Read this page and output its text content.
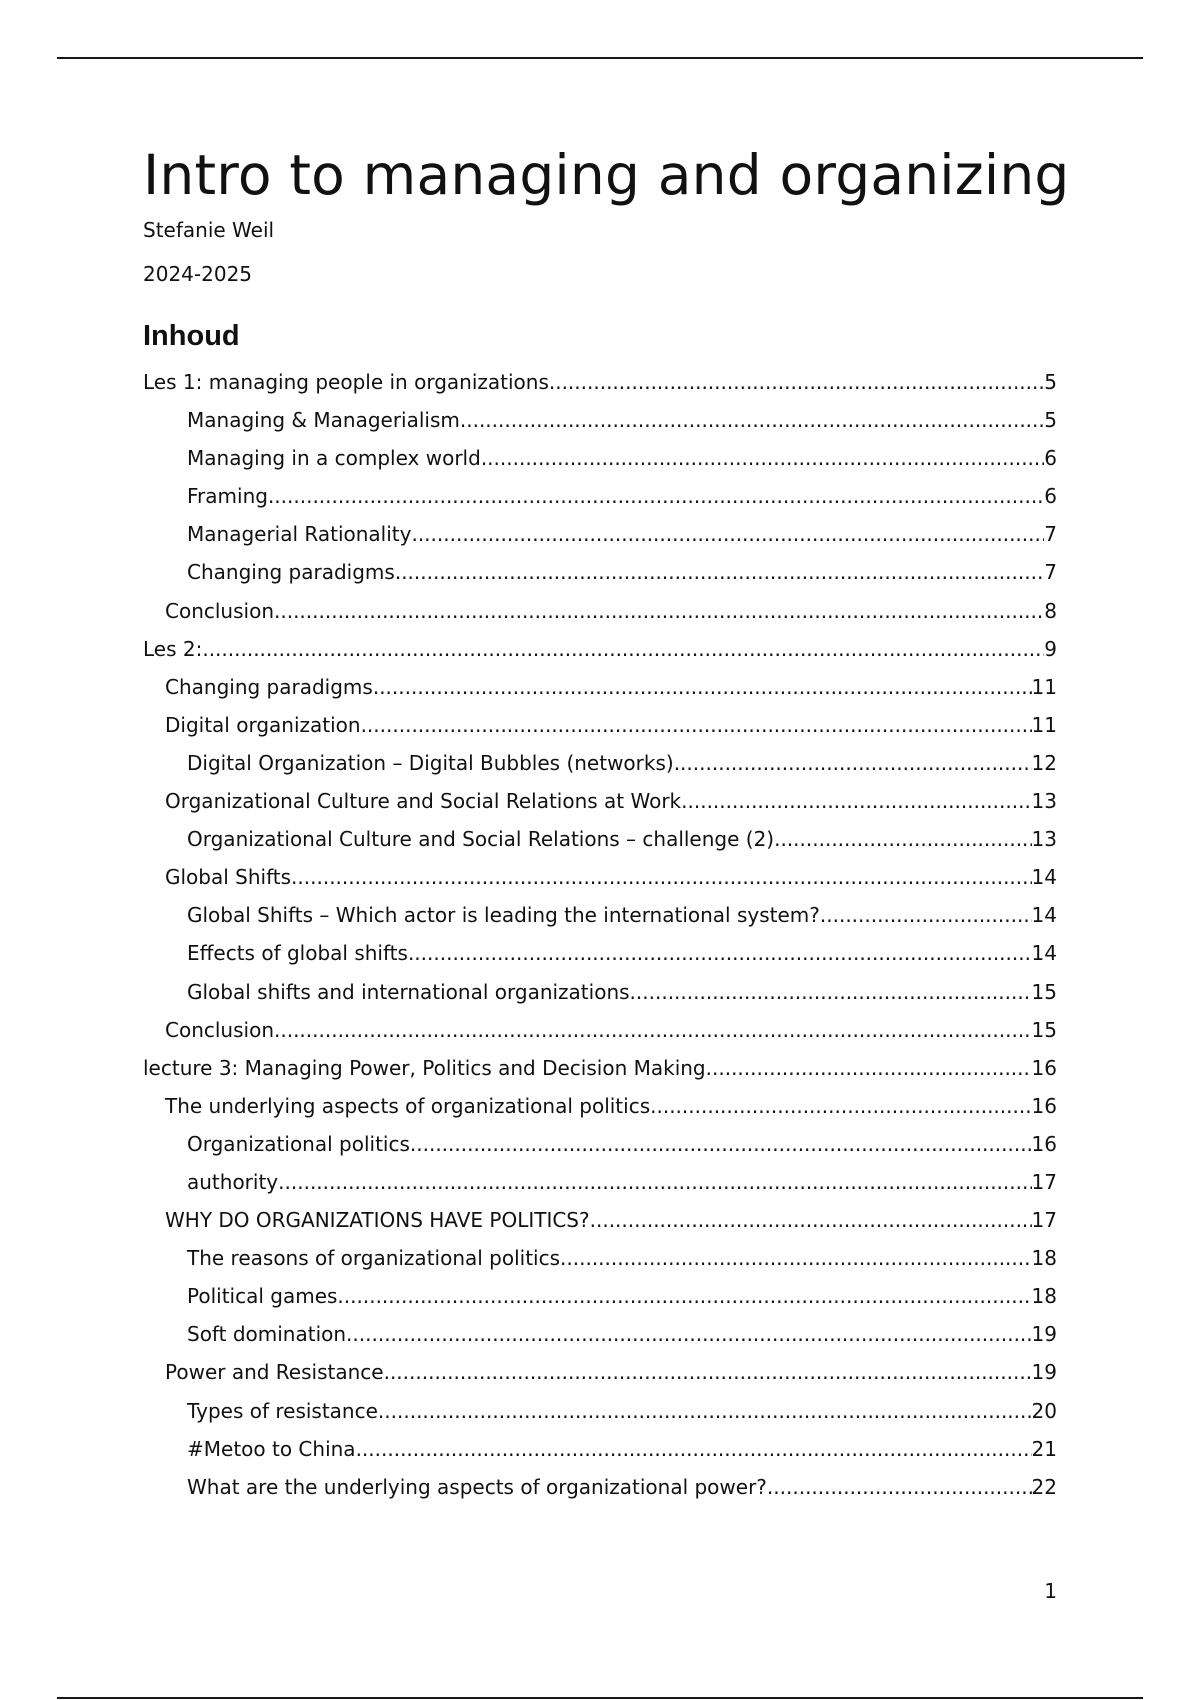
Intro to managing and organizing

Stefanie Weil

2024-2025

Inhoud
Les 1: managing people in organizations .....	5
Managing & Managerialism .....	5
Managing in a complex world .....	6
Framing .....	6
Managerial Rationality .....	7
Changing paradigms .....	7
Conclusion .....	8
Les 2: .....	9
Changing paradigms .....	11
Digital organization .....	11
Digital Organization – Digital Bubbles (networks) .....	12
Organizational Culture and Social Relations at Work .....	13
Organizational Culture and Social Relations – challenge (2) .....	13
Global Shifts .....	14
Global Shifts – Which actor is leading the international system? .....	14
Effects of global shifts .....	14
Global shifts and international organizations .....	15
Conclusion .....	15
lecture 3: Managing Power, Politics and Decision Making .....	16
The underlying aspects of organizational politics .....	16
Organizational politics .....	16
authority .....	17
WHY DO ORGANIZATIONS HAVE POLITICS? .....	17
The reasons of organizational politics .....	18
Political games .....	18
Soft domination .....	19
Power and Resistance .....	19
Types of resistance .....	20
#Metoo to China .....	21
What are the underlying aspects of organizational power? .....	22
1
